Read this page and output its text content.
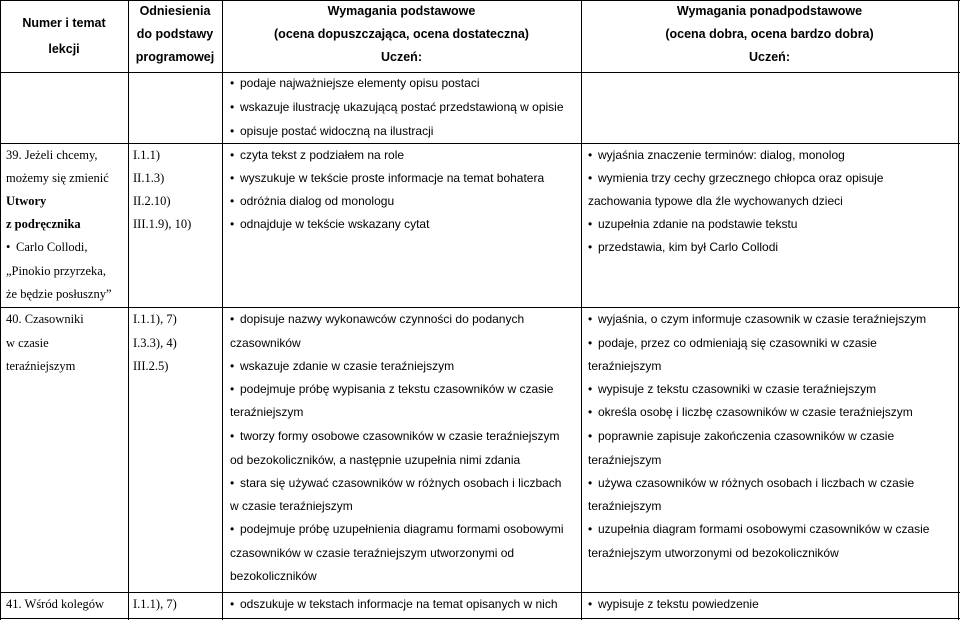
Numer i temat
lekcji
Odniesienia
do podstawy
programowej
Wymagania podstawowe
(ocena dopuszczająca, ocena dostateczna)
Uczeń:
Wymagania ponadpodstawowe
(ocena dobra, ocena bardzo dobra)
Uczeń:
• podaje najważniejsze elementy opisu postaci
• wskazuje ilustrację ukazującą postać przedstawioną w opisie
• opisuje postać widoczną na ilustracji
39. Jeżeli chcemy,
możemy się zmienić
Utwory
z podręcznika
• Carlo Collodi,
„Pinokio przyrzeka,
że będzie posłuszny”
I.1.1)
II.1.3)
II.2.10)
III.1.9), 10)
• czyta tekst z podziałem na role
• wyszukuje w tekście proste informacje na temat bohatera
• odróżnia dialog od monologu
• odnajduje w tekście wskazany cytat
• wyjaśnia znaczenie terminów: dialog, monolog
• wymienia trzy cechy grzecznego chłopca oraz opisuje
zachowania typowe dla źle wychowanych dzieci
• uzupełnia zdanie na podstawie tekstu
• przedstawia, kim był Carlo Collodi
40. Czasowniki
w czasie
teraźniejszym
I.1.1), 7)
I.3.3), 4)
III.2.5)
• dopisuje nazwy wykonawców czynności do podanych
czasowników
• wskazuje zdanie w czasie teraźniejszym
• podejmuje próbę wypisania z tekstu czasowników w czasie
teraźniejszym
• tworzy formy osobowe czasowników w czasie teraźniejszym
od bezokoliczników, a następnie uzupełnia nimi zdania
• stara się używać czasowników w różnych osobach i liczbach
w czasie teraźniejszym
• podejmuje próbę uzupełnienia diagramu formami osobowymi
czasowników w czasie teraźniejszym utworzonymi od
bezokoliczników
• wyjaśnia, o czym informuje czasownik w czasie teraźniejszym
• podaje, przez co odmieniają się czasowniki w czasie
teraźniejszym
• wypisuje z tekstu czasowniki w czasie teraźniejszym
• określa osobę i liczbę czasowników w czasie teraźniejszym
• poprawnie zapisuje zakończenia czasowników w czasie
teraźniejszym
• używa czasowników w różnych osobach i liczbach w czasie
teraźniejszym
• uzupełnia diagram formami osobowymi czasowników w czasie
teraźniejszym utworzonymi od bezokoliczników
41. Wśród kolegów I.1.1), 7)	• odszukuje w tekstach informacje na temat opisanych w nich	• wypisuje z tekstu powiedzenie
